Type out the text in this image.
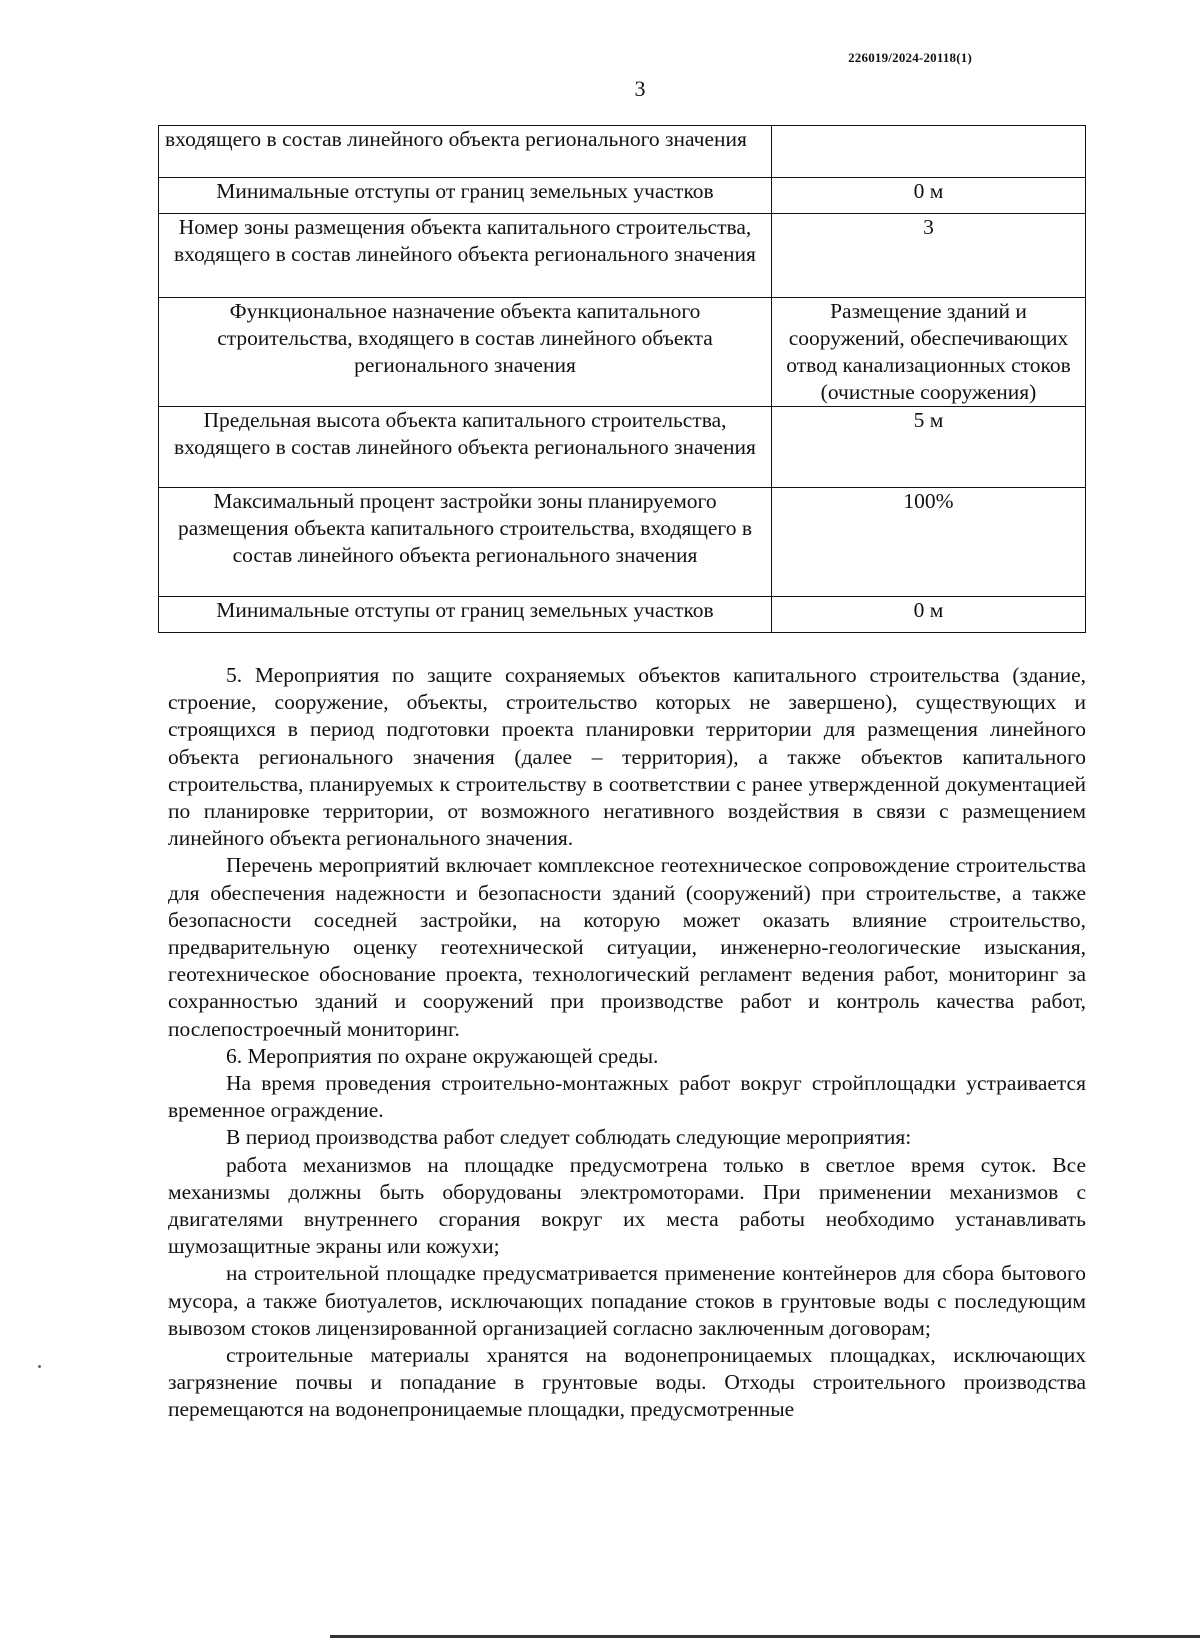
226019/2024-20118(1)
3
входящего в состав линейного объекта регионального значения	
Минимальные отступы от границ земельных участков	0 м
Номер зоны размещения объекта капитального строительства, входящего в состав линейного объекта регионального значения	3
Функциональное назначение объекта капитального строительства, входящего в состав линейного объекта регионального значения	Размещение зданий и сооружений, обеспечивающих отвод канализационных стоков (очистные сооружения)
Предельная высота объекта капитального строительства, входящего в состав линейного объекта регионального значения	5 м
Максимальный процент застройки зоны планируемого размещения объекта капитального строительства, входящего в состав линейного объекта регионального значения	100%
Минимальные отступы от границ земельных участков	0 м

5. Мероприятия по защите сохраняемых объектов капитального строительства (здание, строение, сооружение, объекты, строительство которых не завершено), существующих и строящихся в период подготовки проекта планировки территории для размещения линейного объекта регионального значения (далее – территория), а также объектов капитального строительства, планируемых к строительству в соответствии с ранее утвержденной документацией по планировке территории, от возможного негативного воздействия в связи с размещением линейного объекта регионального значения.

Перечень мероприятий включает комплексное геотехническое сопровождение строительства для обеспечения надежности и безопасности зданий (сооружений) при строительстве, а также безопасности соседней застройки, на которую может оказать влияние строительство, предварительную оценку геотехнической ситуации, инженерно-геологические изыскания, геотехническое обоснование проекта, технологический регламент ведения работ, мониторинг за сохранностью зданий и сооружений при производстве работ и контроль качества работ, послепостроечный мониторинг.

6. Мероприятия по охране окружающей среды.

На время проведения строительно-монтажных работ вокруг стройплощадки устраивается временное ограждение.

В период производства работ следует соблюдать следующие мероприятия:

работа механизмов на площадке предусмотрена только в светлое время суток. Все механизмы должны быть оборудованы электромоторами. При применении механизмов с двигателями внутреннего сгорания вокруг их места работы необходимо устанавливать шумозащитные экраны или кожухи;

на строительной площадке предусматривается применение контейнеров для сбора бытового мусора, а также биотуалетов, исключающих попадание стоков в грунтовые воды с последующим вывозом стоков лицензированной организацией согласно заключенным договорам;

строительные материалы хранятся на водонепроницаемых площадках, исключающих загрязнение почвы и попадание в грунтовые воды. Отходы строительного производства перемещаются на водонепроницаемые площадки, предусмотренные
